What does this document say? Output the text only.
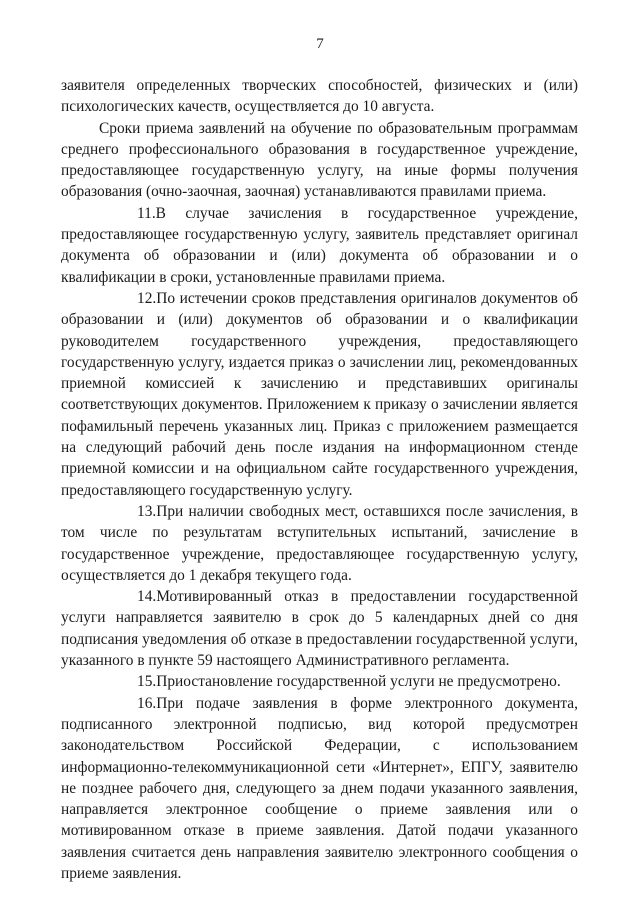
7

заявителя определенных творческих способностей, физических и (или) психологических качеств, осуществляется до 10 августа.

Сроки приема заявлений на обучение по образовательным программам среднего профессионального образования в государственное учреждение, предоставляющее государственную услугу, на иные формы получения образования (очно-заочная, заочная) устанавливаются правилами приема.

11.В случае зачисления в государственное учреждение, предоставляющее государственную услугу, заявитель представляет оригинал документа об образовании и (или) документа об образовании и о квалификации в сроки, установленные правилами приема.

12.По истечении сроков представления оригиналов документов об образовании и (или) документов об образовании и о квалификации руководителем государственного учреждения, предоставляющего государственную услугу, издается приказ о зачислении лиц, рекомендованных приемной комиссией к зачислению и представивших оригиналы соответствующих документов. Приложением к приказу о зачислении является пофамильный перечень указанных лиц. Приказ с приложением размещается на следующий рабочий день после издания на информационном стенде приемной комиссии и на официальном сайте государственного учреждения, предоставляющего государственную услугу.

13.При наличии свободных мест, оставшихся после зачисления, в том числе по результатам вступительных испытаний, зачисление в государственное учреждение, предоставляющее государственную услугу, осуществляется до 1 декабря текущего года.

14.Мотивированный отказ в предоставлении государственной услуги направляется заявителю в срок до 5 календарных дней со дня подписания уведомления об отказе в предоставлении государственной услуги, указанного в пункте 59 настоящего Административного регламента.

15.Приостановление государственной услуги не предусмотрено.

16.При подаче заявления в форме электронного документа, подписанного электронной подписью, вид которой предусмотрен законодательством Российской Федерации, с использованием информационно-телекоммуникационной сети «Интернет», ЕПГУ, заявителю не позднее рабочего дня, следующего за днем подачи указанного заявления, направляется электронное сообщение о приеме заявления или о мотивированном отказе в приеме заявления. Датой подачи указанного заявления считается день направления заявителю электронного сообщения о приеме заявления.
